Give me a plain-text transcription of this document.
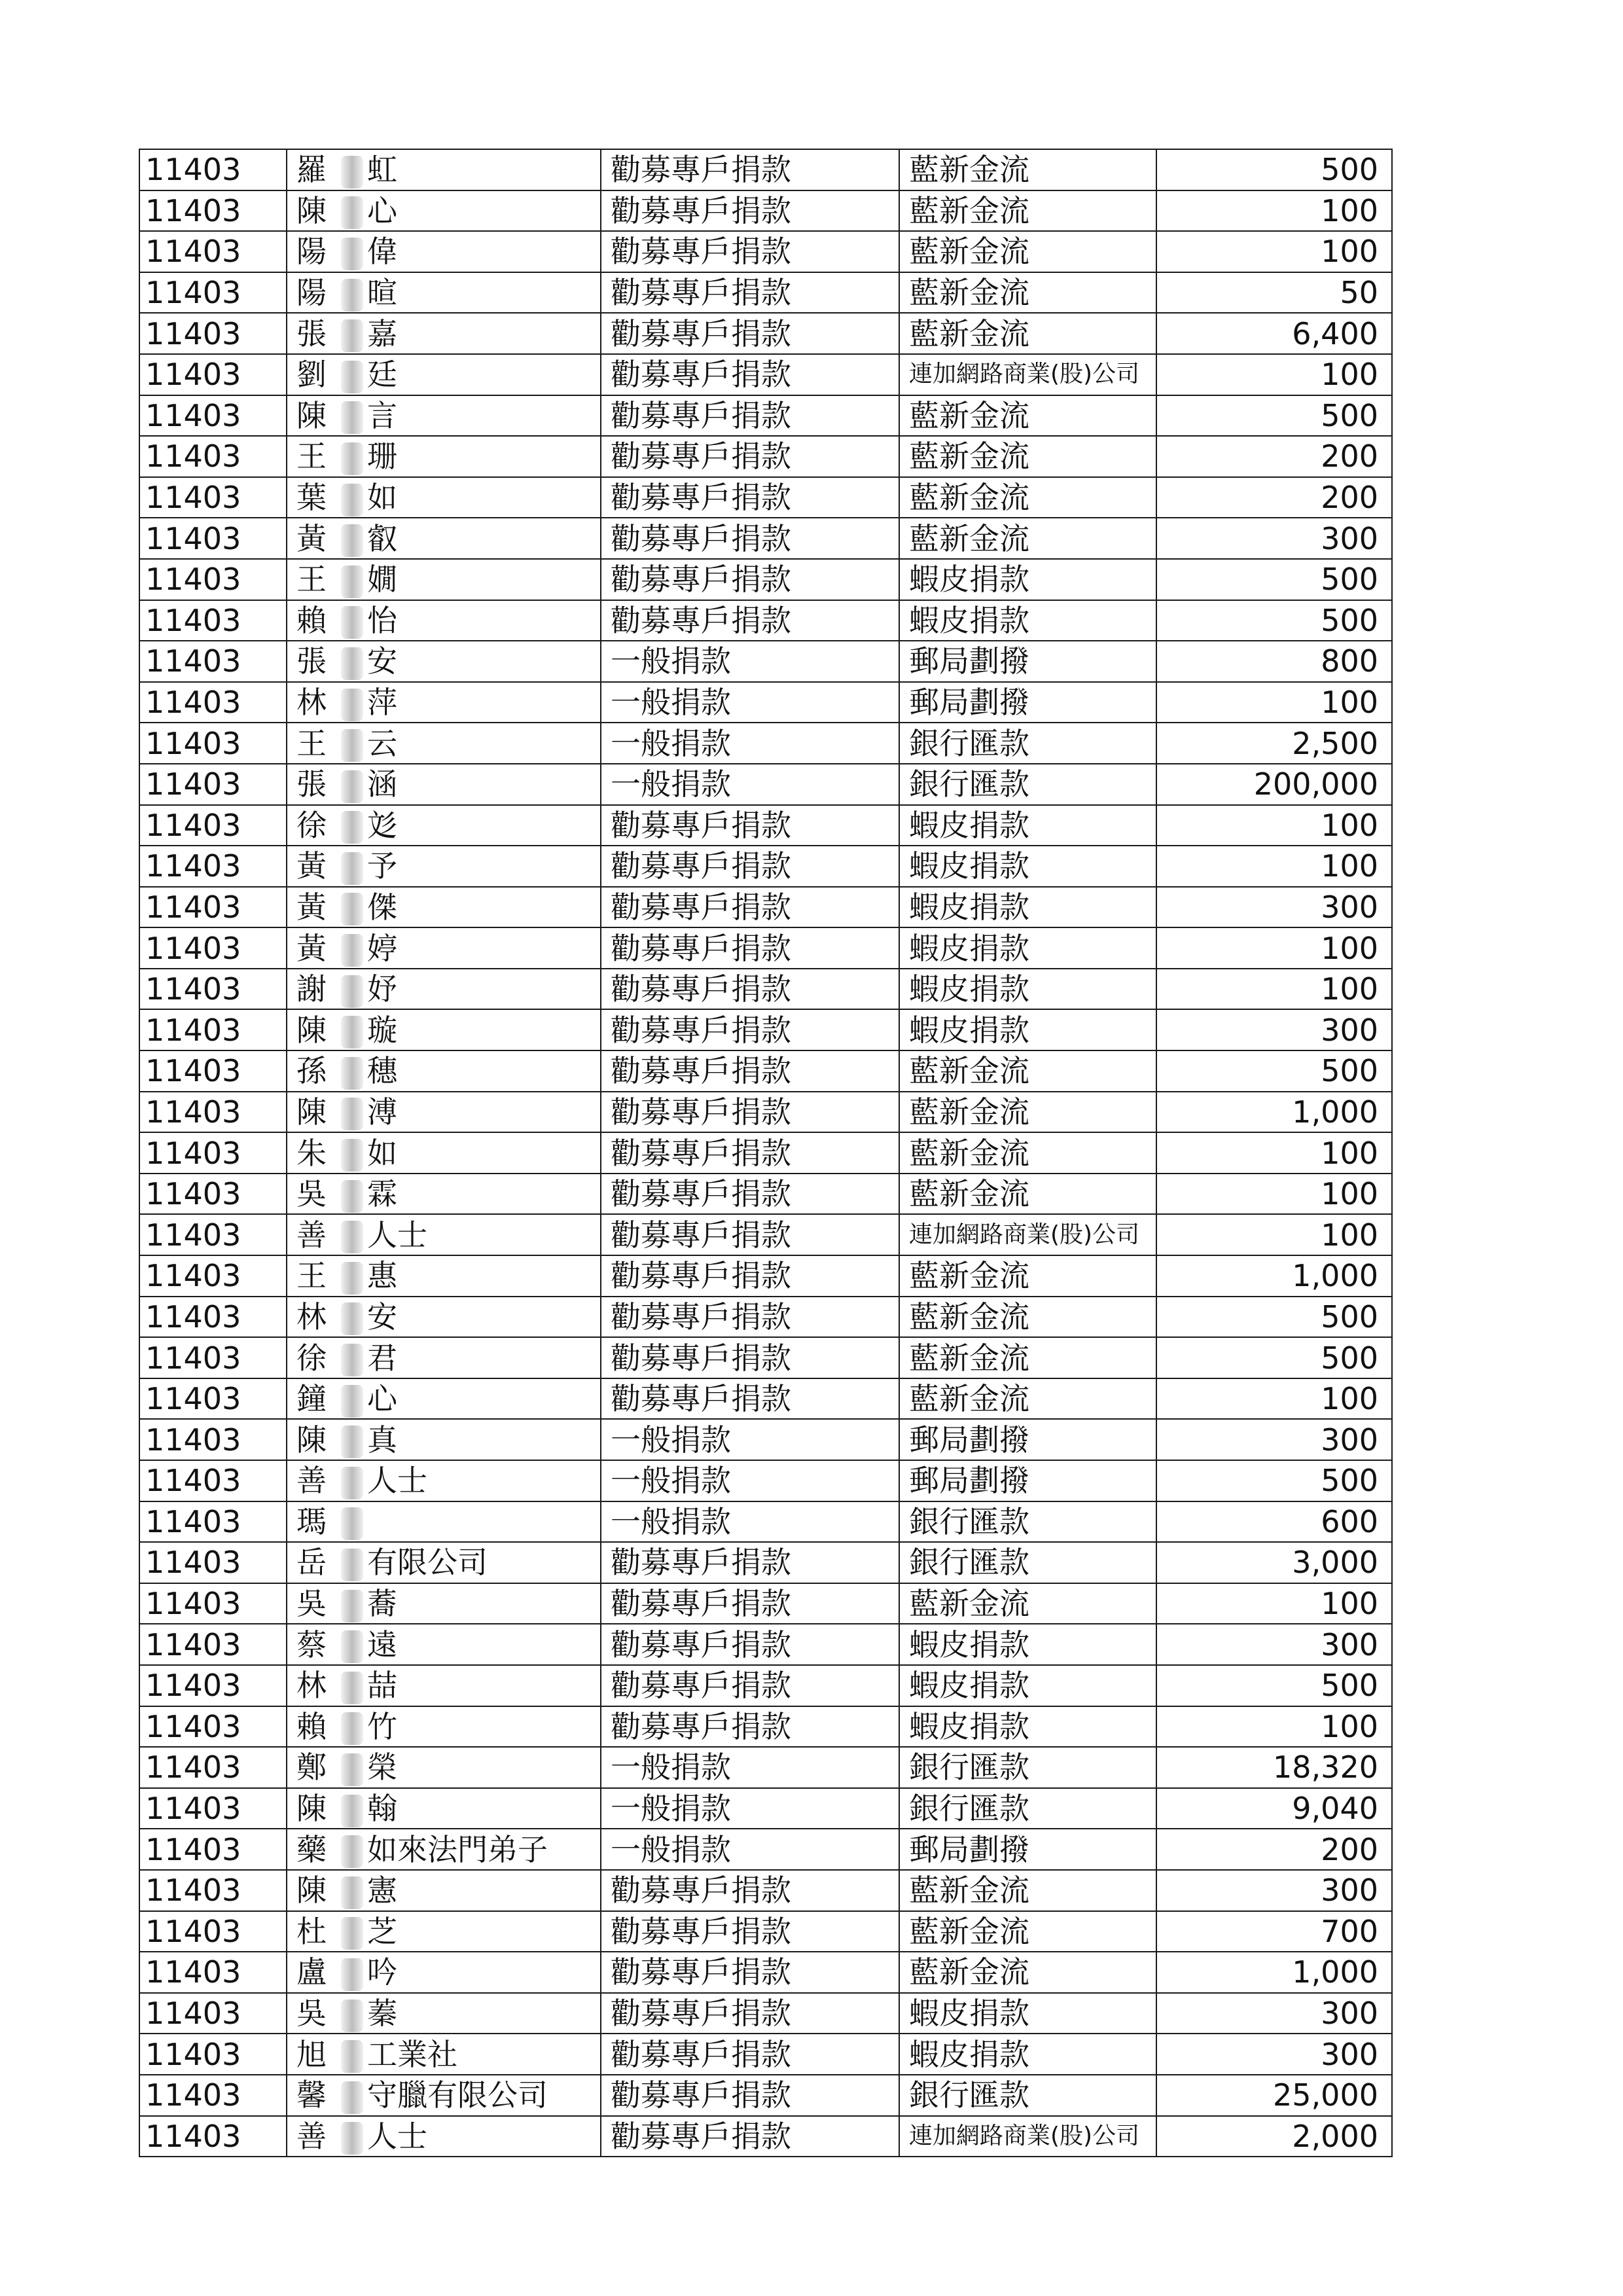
11403	羅 虹	勸募專戶捐款	藍新金流	500
11403	陳 心	勸募專戶捐款	藍新金流	100
11403	陽 偉	勸募專戶捐款	藍新金流	100
11403	陽 暄	勸募專戶捐款	藍新金流	50
11403	張 嘉	勸募專戶捐款	藍新金流	6,400
11403	劉 廷	勸募專戶捐款	連加網路商業(股)公司	100
11403	陳 言	勸募專戶捐款	藍新金流	500
11403	王 珊	勸募專戶捐款	藍新金流	200
11403	葉 如	勸募專戶捐款	藍新金流	200
11403	黃 叡	勸募專戶捐款	藍新金流	300
11403	王 嫺	勸募專戶捐款	蝦皮捐款	500
11403	賴 怡	勸募專戶捐款	蝦皮捐款	500
11403	張 安	一般捐款	郵局劃撥	800
11403	林 萍	一般捐款	郵局劃撥	100
11403	王 云	一般捐款	銀行匯款	2,500
11403	張 涵	一般捐款	銀行匯款	200,000
11403	徐 彣	勸募專戶捐款	蝦皮捐款	100
11403	黃 予	勸募專戶捐款	蝦皮捐款	100
11403	黃 傑	勸募專戶捐款	蝦皮捐款	300
11403	黃 婷	勸募專戶捐款	蝦皮捐款	100
11403	謝 妤	勸募專戶捐款	蝦皮捐款	100
11403	陳 璇	勸募專戶捐款	蝦皮捐款	300
11403	孫 穗	勸募專戶捐款	藍新金流	500
11403	陳 溥	勸募專戶捐款	藍新金流	1,000
11403	朱 如	勸募專戶捐款	藍新金流	100
11403	吳 霖	勸募專戶捐款	藍新金流	100
11403	善 人士	勸募專戶捐款	連加網路商業(股)公司	100
11403	王 惠	勸募專戶捐款	藍新金流	1,000
11403	林 安	勸募專戶捐款	藍新金流	500
11403	徐 君	勸募專戶捐款	藍新金流	500
11403	鐘 心	勸募專戶捐款	藍新金流	100
11403	陳 真	一般捐款	郵局劃撥	300
11403	善 人士	一般捐款	郵局劃撥	500
11403	瑪	一般捐款	銀行匯款	600
11403	岳 有限公司	勸募專戶捐款	銀行匯款	3,000
11403	吳 蕎	勸募專戶捐款	藍新金流	100
11403	蔡 遠	勸募專戶捐款	蝦皮捐款	300
11403	林 喆	勸募專戶捐款	蝦皮捐款	500
11403	賴 竹	勸募專戶捐款	蝦皮捐款	100
11403	鄭 榮	一般捐款	銀行匯款	18,320
11403	陳 翰	一般捐款	銀行匯款	9,040
11403	藥 如來法門弟子	一般捐款	郵局劃撥	200
11403	陳 憲	勸募專戶捐款	藍新金流	300
11403	杜 芝	勸募專戶捐款	藍新金流	700
11403	盧 吟	勸募專戶捐款	藍新金流	1,000
11403	吳 蓁	勸募專戶捐款	蝦皮捐款	300
11403	旭 工業社	勸募專戶捐款	蝦皮捐款	300
11403	馨 守臘有限公司	勸募專戶捐款	銀行匯款	25,000
11403	善 人士	勸募專戶捐款	連加網路商業(股)公司	2,000
